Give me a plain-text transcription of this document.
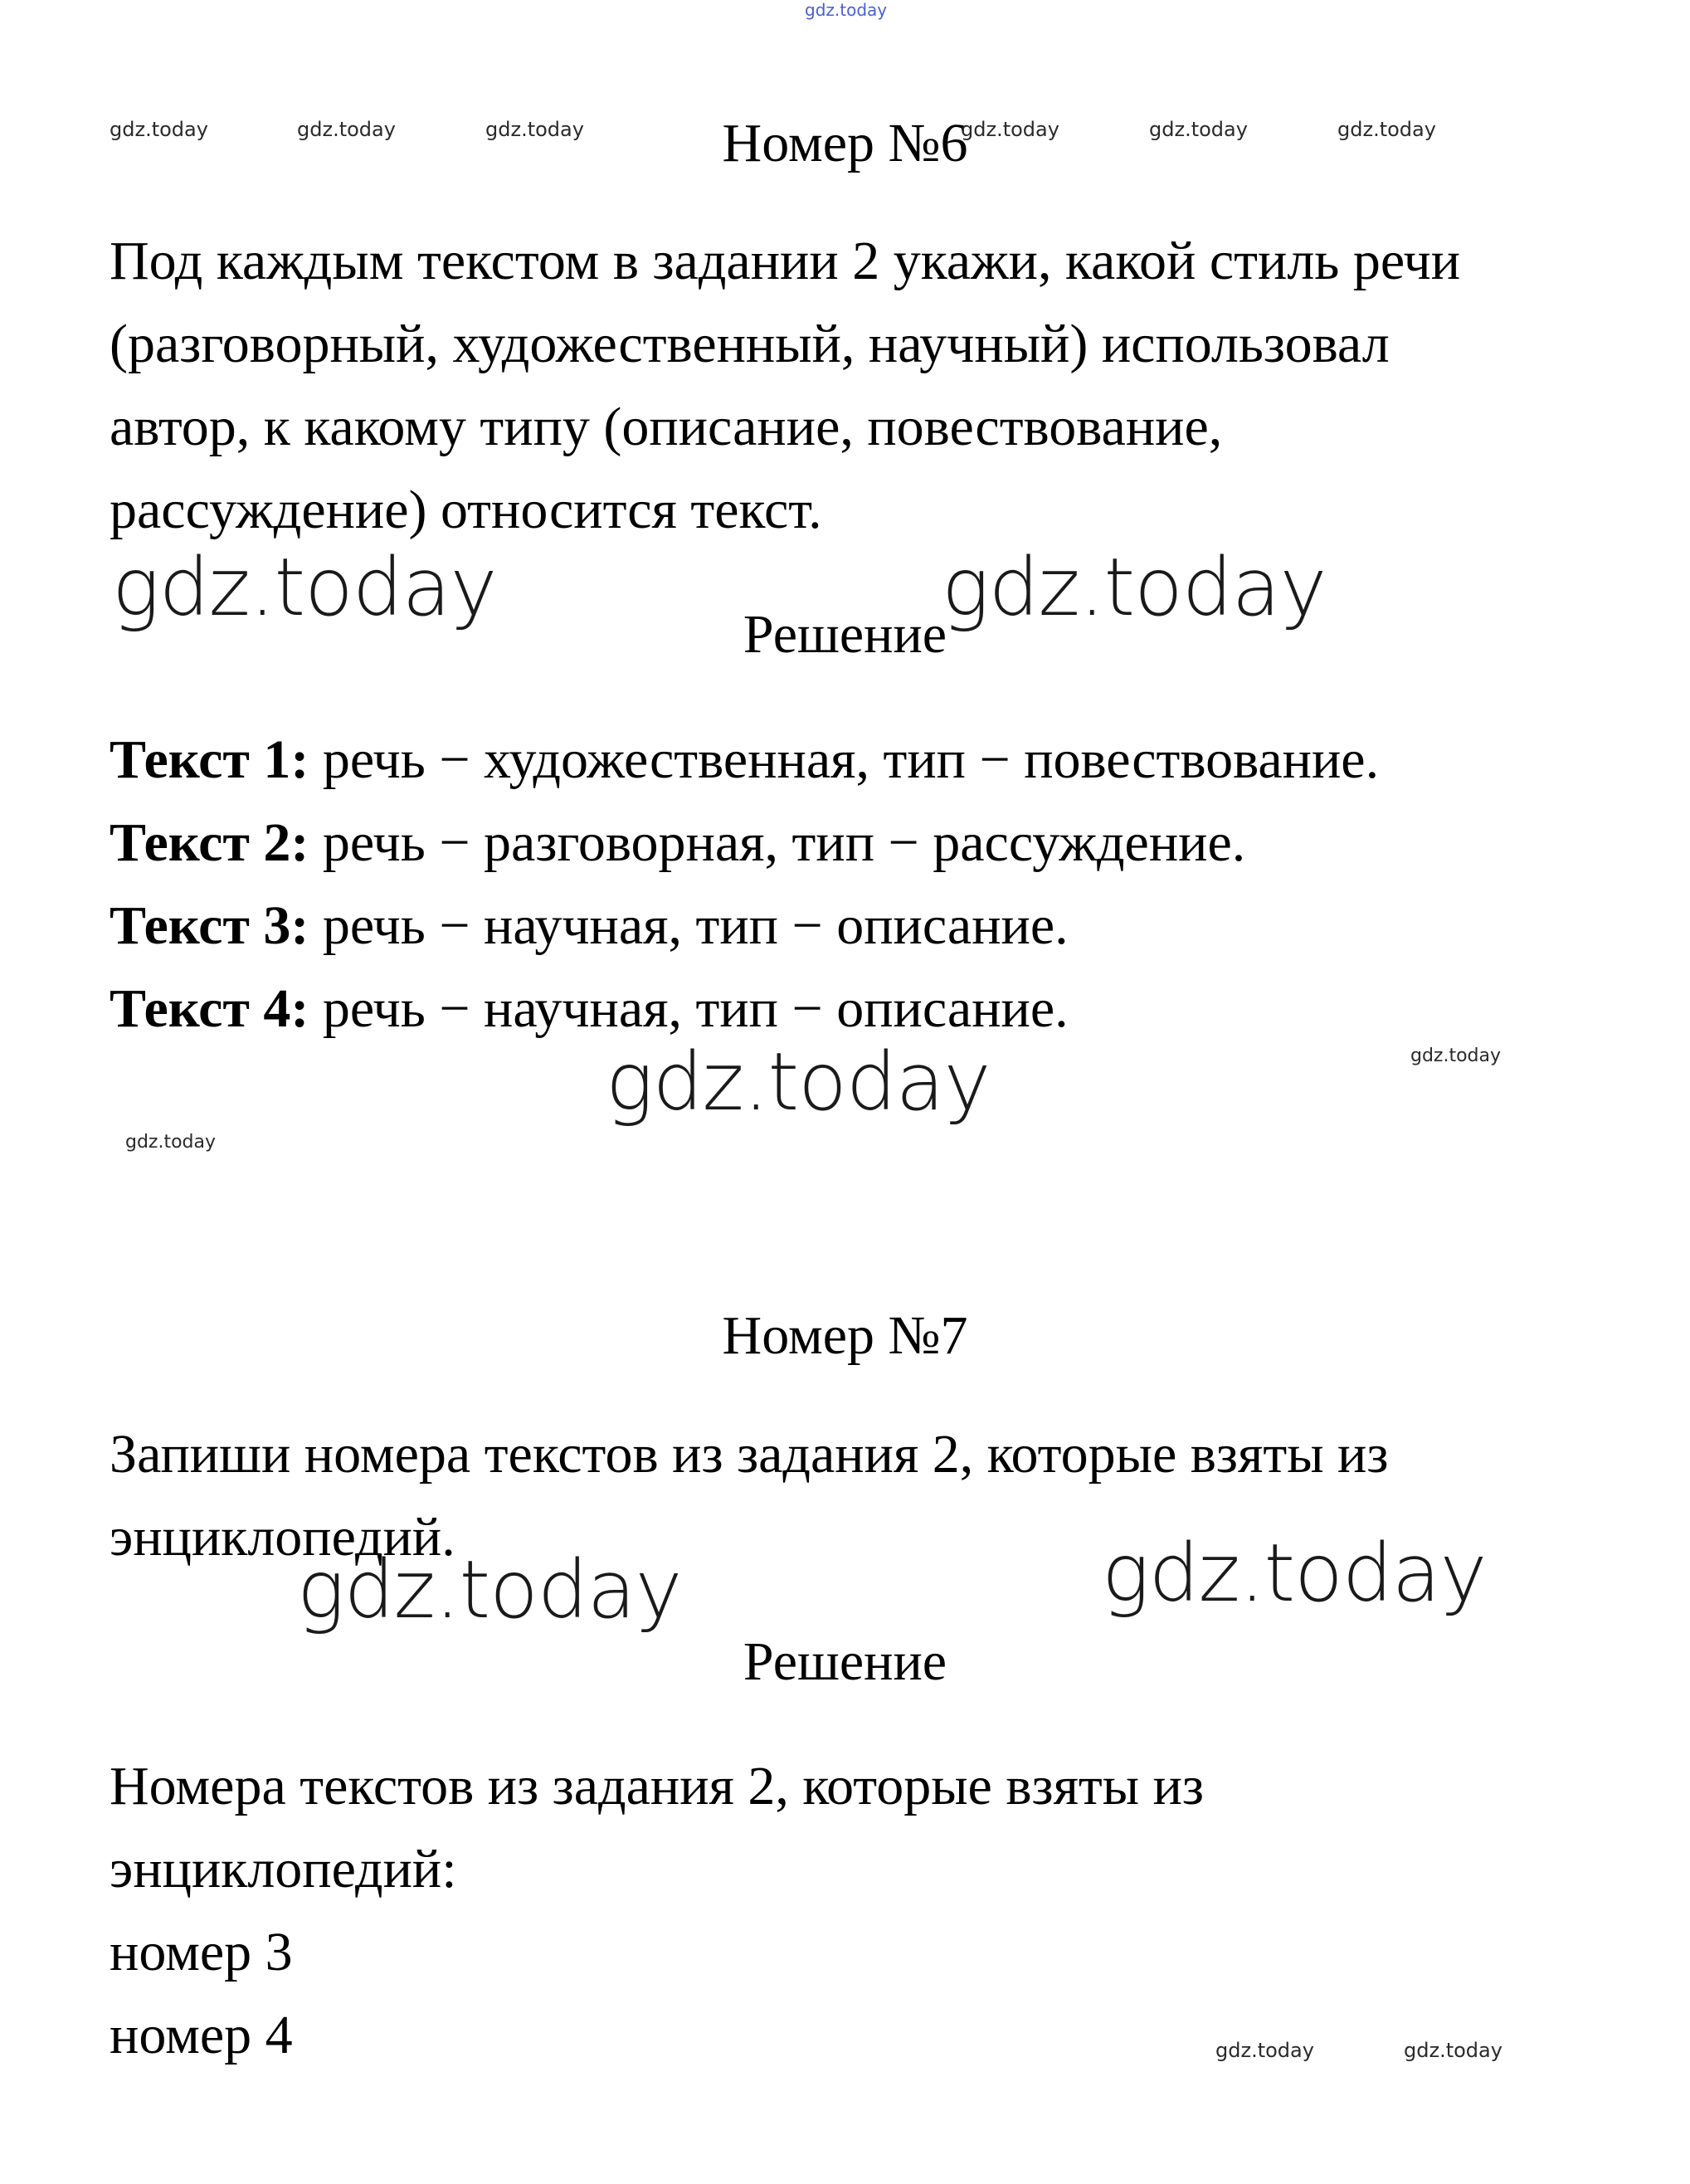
gdz.today
gdz.today	gdz.today	gdz.today	Номер №6
gdz.today	gdz.today	gdz.today

Под каждым текстом в задании 2 укажи, какой стиль речи

(разговорный, художественный, научный) использовал

автор, к какому типу (описание, повествование,

рассуждение) относится текст.

gdz.today	gdz.today
Решение

Текст 1: речь − художественная, тип − повествование.

Текст 2: речь − разговорная, тип − рассуждение.

Текст 3: речь − научная, тип − описание.

Текст 4: речь − научная, тип − описание.

gdz.today
gdz.today
gdz.today
Номер №7

Запиши номера текстов из задания 2, которые взяты из

энциклопедий.

gdz.today	gdz.today
Решение

Номера текстов из задания 2, которые взяты из

энциклопедий:

номер 3

номер 4	gdz.today	gdz.today
